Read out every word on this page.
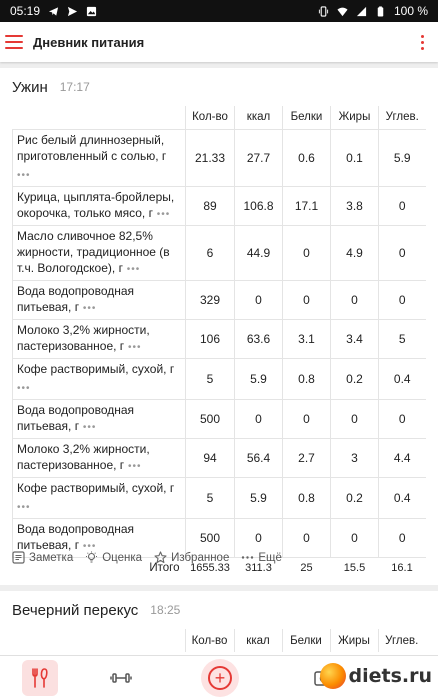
05:19	100 %
Дневник питания
Ужин 17:17
	Кол-во	ккал	Белки	Жиры	Углев.
Рис белый длиннозерный, приготовленный с солью, г •••	21.33	27.7	0.6	0.1	5.9
Курица, цыплята-бройлеры, окорочка, только мясо, г •••	89	106.8	17.1	3.8	0
Масло сливочное 82,5% жирности, традиционное (в т.ч. Вологодское), г •••	6	44.9	0	4.9	0
Вода водопроводная питьевая, г •••	329	0	0	0	0
Молоко 3,2% жирности, пастеризованное, г •••	106	63.6	3.1	3.4	5
Кофе растворимый, сухой, г •••	5	5.9	0.8	0.2	0.4
Вода водопроводная питьевая, г •••	500	0	0	0	0
Молоко 3,2% жирности, пастеризованное, г •••	94	56.4	2.7	3	4.4
Кофе растворимый, сухой, г •••	5	5.9	0.8	0.2	0.4
Вода водопроводная питьевая, г •••	500	0	0	0	0
Итого	1655.33	311.3	25	15.5	16.1
Заметка	Оценка	Избранное	Ещё
Вечерний перекус 18:25
	Кол-во	ккал	Белки	Жиры	Углев.
+	diets.ru
